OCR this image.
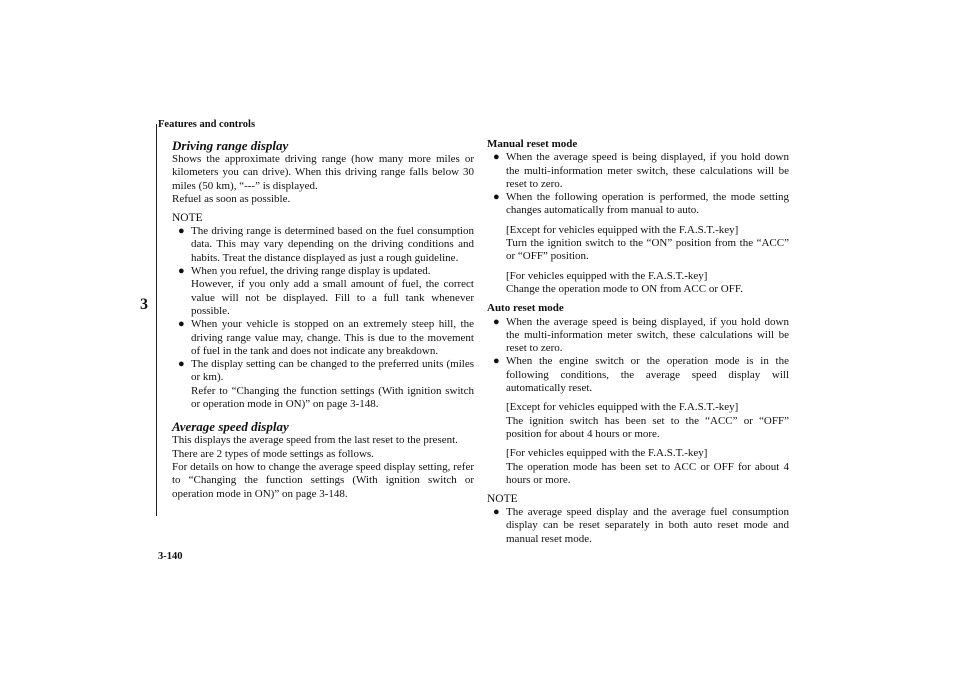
Features and controls
3
Driving range display

Shows the approximate driving range (how many more miles or kilometers you can drive). When this driving range falls below 30 miles (50 km), “---” is displayed.

Refuel as soon as possible.

NOTE
● The driving range is determined based on the fuel consumption data. This may vary depending on the driving conditions and habits. Treat the distance displayed as just a rough guideline.
● When you refuel, the driving range display is updated.
However, if you only add a small amount of fuel, the correct value will not be displayed. Fill to a full tank whenever possible.
● When your vehicle is stopped on an extremely steep hill, the driving range value may, change. This is due to the movement of fuel in the tank and does not indicate any breakdown.
● The display setting can be changed to the preferred units (miles or km).
Refer to “Changing the function settings (With ignition switch or operation mode in ON)” on page 3-148.
Average speed display

This displays the average speed from the last reset to the present.

There are 2 types of mode settings as follows.

For details on how to change the average speed display setting, refer to “Changing the function settings (With ignition switch or operation mode in ON)” on page 3-148.

Manual reset mode
● When the average speed is being displayed, if you hold down the multi-information meter switch, these calculations will be reset to zero.
● When the following operation is performed, the mode setting changes automatically from manual to auto.
[Except for vehicles equipped with the F.A.S.T.-key]
Turn the ignition switch to the “ON” position from the “ACC” or “OFF” position.
[For vehicles equipped with the F.A.S.T.-key]
Change the operation mode to ON from ACC or OFF.
Auto reset mode
● When the average speed is being displayed, if you hold down the multi-information meter switch, these calculations will be reset to zero.
● When the engine switch or the operation mode is in the following conditions, the average speed display will automatically reset.
[Except for vehicles equipped with the F.A.S.T.-key]
The ignition switch has been set to the “ACC” or “OFF” position for about 4 hours or more.
[For vehicles equipped with the F.A.S.T.-key]
The operation mode has been set to ACC or OFF for about 4 hours or more.
NOTE
● The average speed display and the average fuel consumption display can be reset separately in both auto reset mode and manual reset mode.
3-140
